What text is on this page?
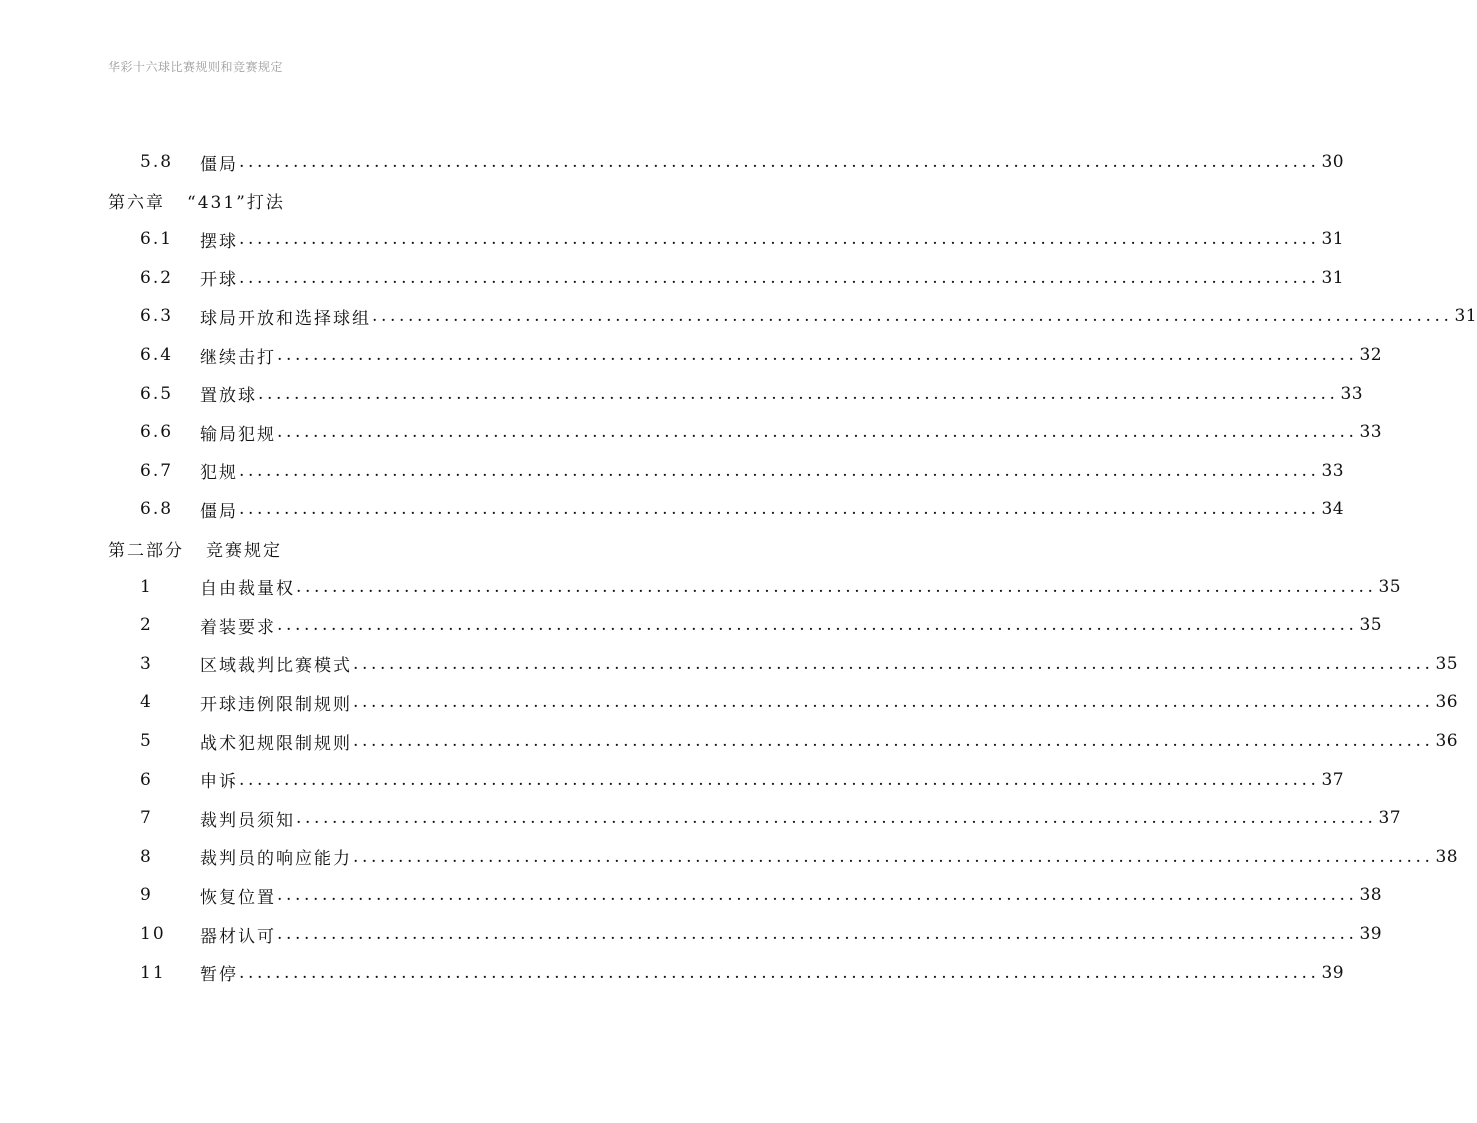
华彩十六球比赛规则和竞赛规定
5.8	僵局 ........................................................................................................................ 30
第六章 “431”打法
6.1	摆球 ........................................................................................................................ 31
6.2	开球 ........................................................................................................................ 31
6.3	球局开放和选择球组 ........................................................................................................................ 31
6.4	继续击打 ........................................................................................................................ 32
6.5	置放球 ........................................................................................................................ 33
6.6	输局犯规 ........................................................................................................................ 33
6.7	犯规 ........................................................................................................................ 33
6.8	僵局 ........................................................................................................................ 34
第二部分 竞赛规定
1	自由裁量权 ........................................................................................................................ 35
2	着装要求 ........................................................................................................................ 35
3	区域裁判比赛模式 ........................................................................................................................ 35
4	开球违例限制规则 ........................................................................................................................ 36
5	战术犯规限制规则 ........................................................................................................................ 36
6	申诉 ........................................................................................................................ 37
7	裁判员须知 ........................................................................................................................ 37
8	裁判员的响应能力 ........................................................................................................................ 38
9	恢复位置 ........................................................................................................................ 38
10	器材认可 ........................................................................................................................ 39
11	暂停 ........................................................................................................................ 39
